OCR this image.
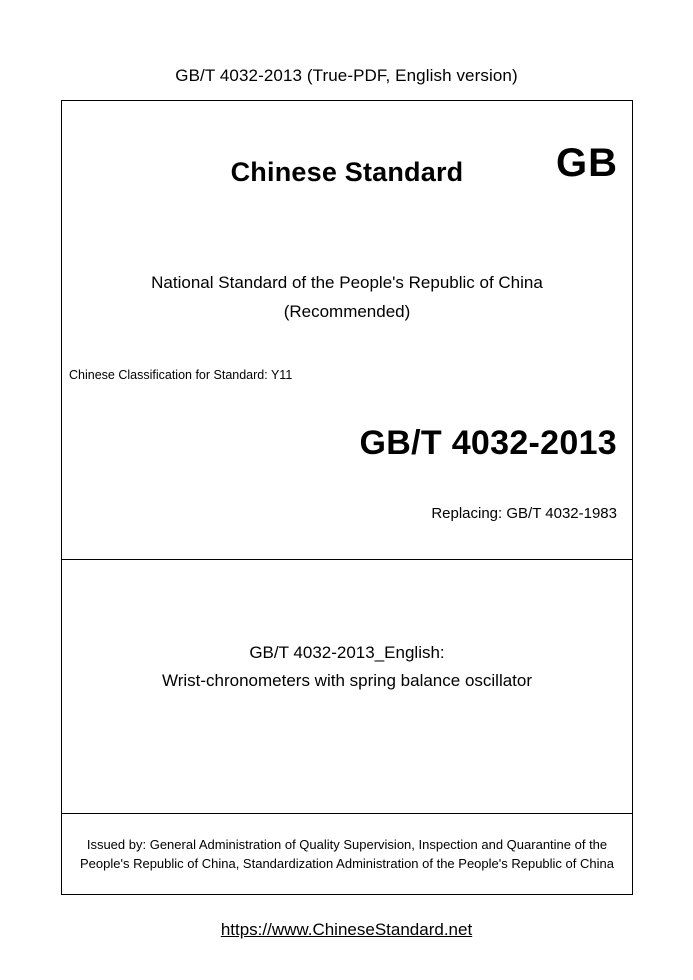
GB/T 4032-2013 (True-PDF, English version)
Chinese Standard	GB
National Standard of the People's Republic of China
(Recommended)
Chinese Classification for Standard: Y11
GB/T 4032-2013
Replacing: GB/T 4032-1983
GB/T 4032-2013_English:
Wrist-chronometers with spring balance oscillator
Issued by: General Administration of Quality Supervision, Inspection and Quarantine of the People's Republic of China, Standardization Administration of the People's Republic of China
https://www.ChineseStandard.net
